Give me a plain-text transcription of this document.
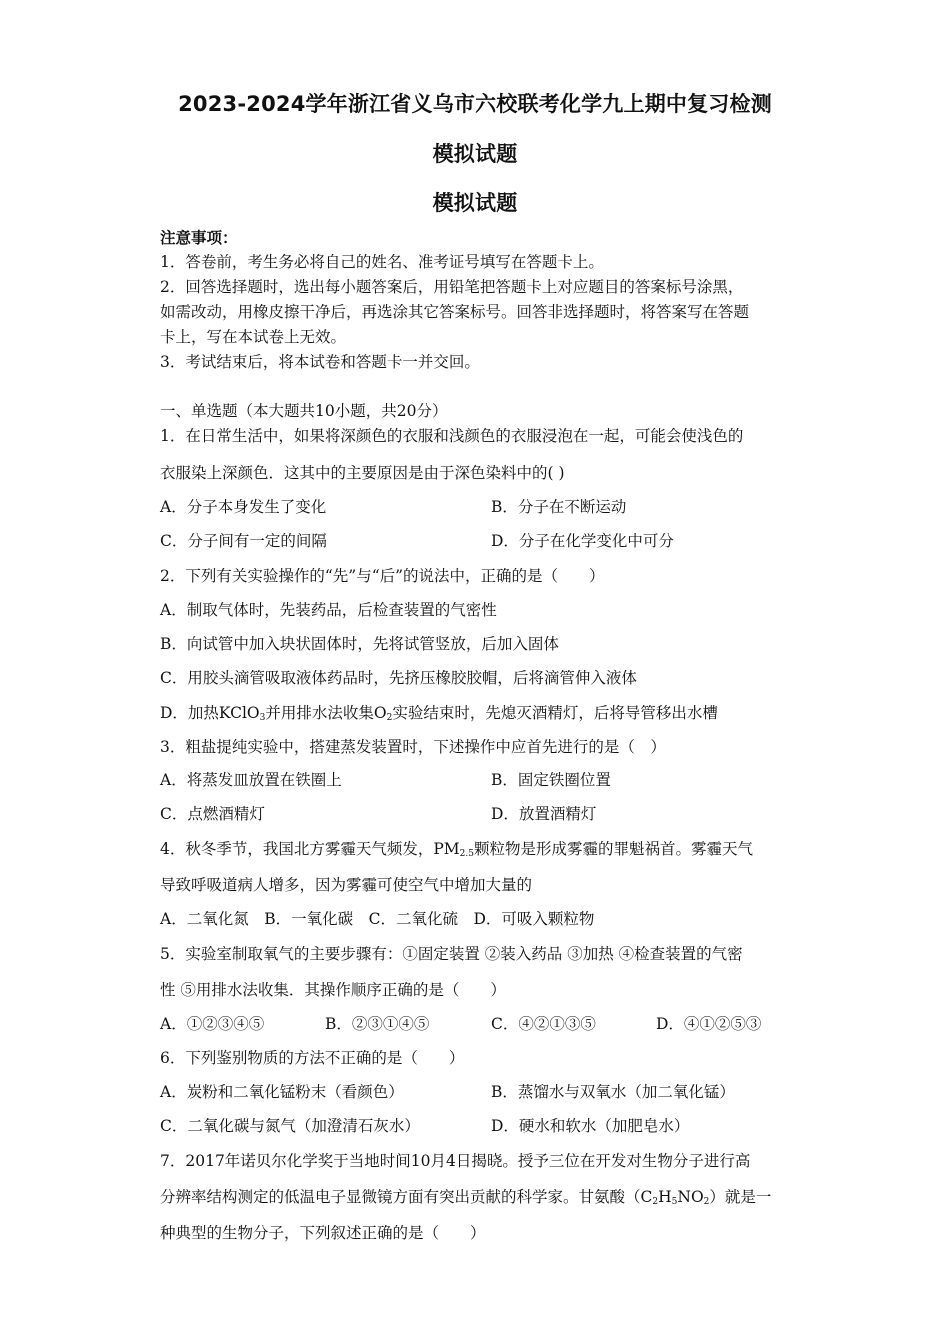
2023-2024学年浙江省义乌市六校联考化学九上期中复习检测
模拟试题
模拟试题
注意事项：
1．答卷前，考生务必将自己的姓名、准考证号填写在答题卡上。
2．回答选择题时，选出每小题答案后，用铅笔把答题卡上对应题目的答案标号涂黑，
如需改动，用橡皮擦干净后，再选涂其它答案标号。回答非选择题时，将答案写在答题
卡上，写在本试卷上无效。
3．考试结束后，将本试卷和答题卡一并交回。
一、单选题（本大题共10小题，共20分）
1．在日常生活中，如果将深颜色的衣服和浅颜色的衣服浸泡在一起，可能会使浅色的
衣服染上深颜色．这其中的主要原因是由于深色染料中的( )
A．分子本身发生了变化	B．分子在不断运动
C．分子间有一定的间隔	D．分子在化学变化中可分
2．下列有关实验操作的“先”与“后”的说法中，正确的是（　　）
A．制取气体时，先装药品，后检查装置的气密性
B．向试管中加入块状固体时，先将试管竖放，后加入固体
C．用胶头滴管吸取液体药品时，先挤压橡胶胶帽，后将滴管伸入液体
D．加热KClO$_3$并用排水法收集$O_2$实验结束时，先熄灭酒精灯，后将导管移出水槽
3．粗盐提纯实验中，搭建蒸发装置时，下述操作中应首先进行的是（　）
A．将蒸发皿放置在铁圈上	B．固定铁圈位置
C．点燃酒精灯	D．放置酒精灯
4．秋冬季节，我国北方雾霾天气频发，$PM_{2.5}$颗粒物是形成雾霾的罪魁祸首。雾霾天气
导致呼吸道病人增多，因为雾霾可使空气中增加大量的
A．二氧化氮　B．一氧化碳　C．二氧化硫　D．可吸入颗粒物
5．实验室制取氧气的主要步骤有：①固定装置 ②装入药品 ③加热 ④检查装置的气密
性 ⑤用排水法收集．其操作顺序正确的是（　　）
A．①②③④⑤	B．②③①④⑤	C．④②①③⑤	D．④①②⑤③
6．下列鉴别物质的方法不正确的是（　　）
A．炭粉和二氧化锰粉末（看颜色）	B．蒸馏水与双氧水（加二氧化锰）
C．二氧化碳与氮气（加澄清石灰水）	D．硬水和软水（加肥皂水）
7．2017年诺贝尔化学奖于当地时间10月4日揭晓。授予三位在开发对生物分子进行高
分辨率结构测定的低温电子显微镜方面有突出贡献的科学家。甘氨酸$(C_2H_5NO_2)$就是一
种典型的生物分子，下列叙述正确的是（　　）
